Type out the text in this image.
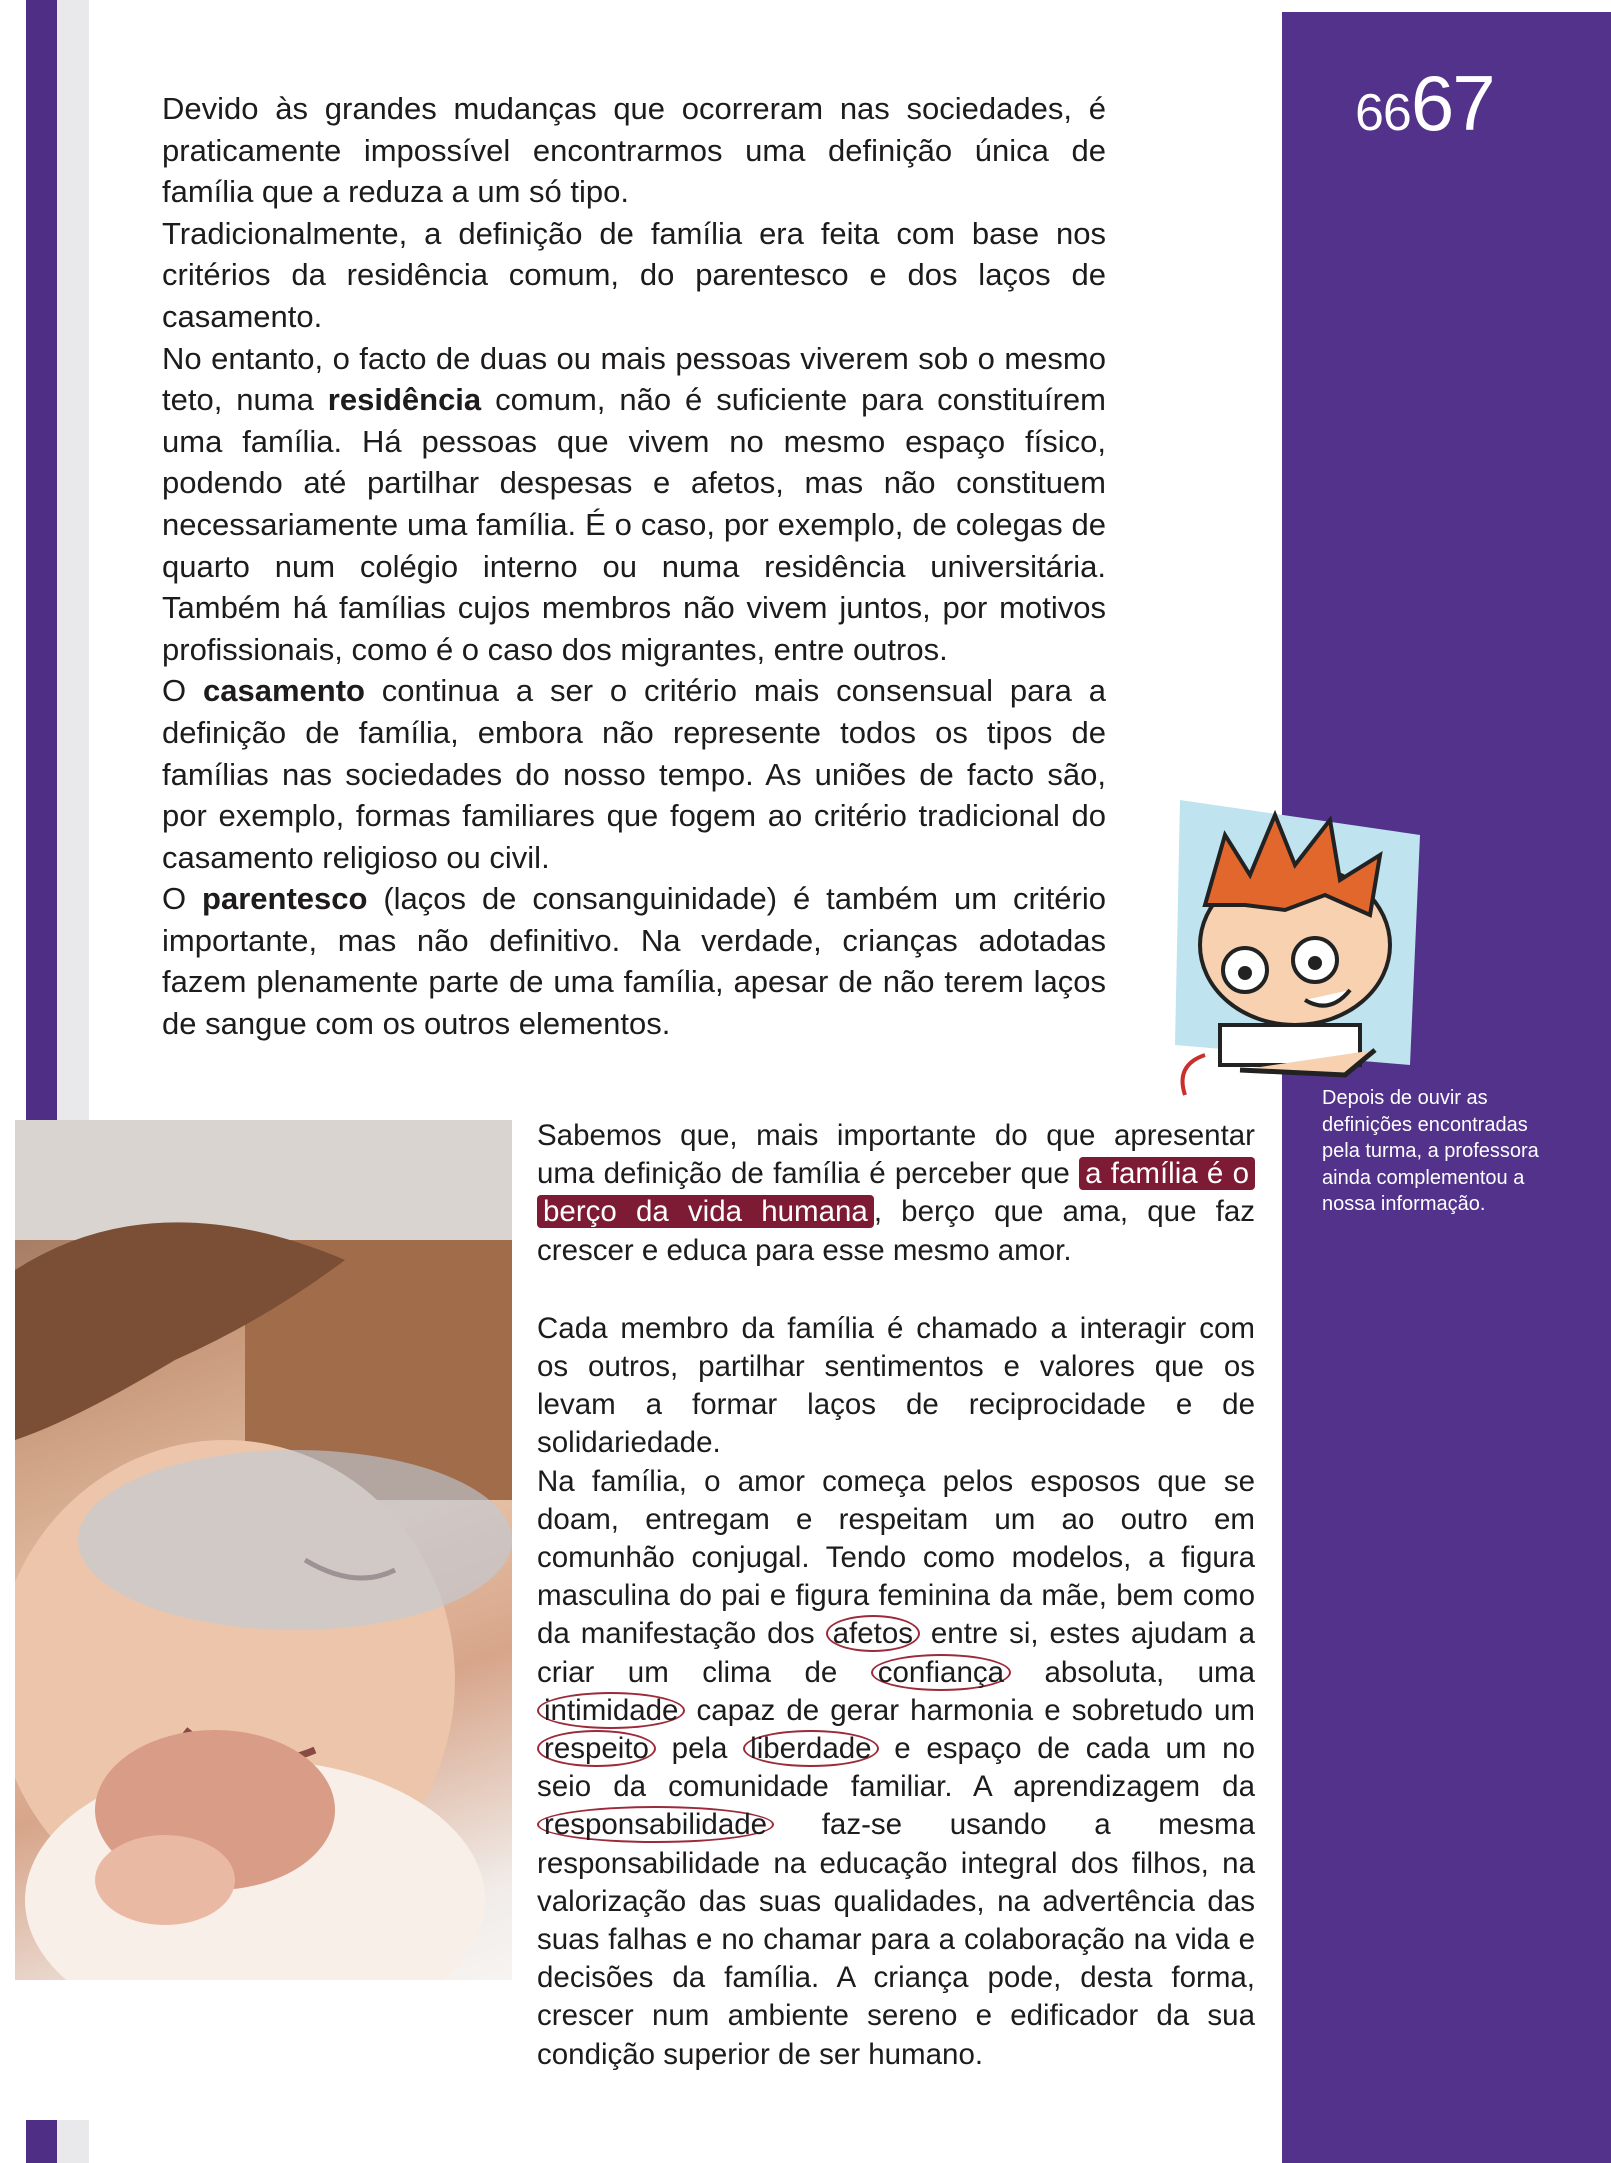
6667

Devido às grandes mudanças que ocorreram nas sociedades, é praticamente impossível encontrarmos uma definição única de família que a reduza a um só tipo.

Tradicionalmente, a definição de família era feita com base nos critérios da residência comum, do parentesco e dos laços de casamento.

No entanto, o facto de duas ou mais pessoas viverem sob o mesmo teto, numa residência comum, não é suficiente para constituírem uma família. Há pessoas que vivem no mesmo espaço físico, podendo até partilhar despesas e afetos, mas não constituem necessariamente uma família. É o caso, por exemplo, de colegas de quarto num colégio interno ou numa residência universitária. Também há famílias cujos membros não vivem juntos, por motivos profissionais, como é o caso dos migrantes, entre outros.

O casamento continua a ser o critério mais consensual para a definição de família, embora não represente todos os tipos de famílias nas sociedades do nosso tempo. As uniões de facto são, por exemplo, formas familiares que fogem ao critério tradicional do casamento religioso ou civil.

O parentesco (laços de consanguinidade) é também um critério importante, mas não definitivo. Na verdade, crianças adotadas fazem plenamente parte de uma família, apesar de não terem laços de sangue com os outros elementos.

Sabemos que, mais importante do que apresentar uma definição de família é perceber que a família é o berço da vida humana , berço que ama, que faz crescer e educa para esse mesmo amor.

Cada membro da família é chamado a interagir com os outros, partilhar sentimentos e valores que os levam a formar laços de reciprocidade e de solidariedade.

Na família, o amor começa pelos esposos que se doam, entregam e respeitam um ao outro em comunhão conjugal. Tendo como modelos, a figura masculina do pai e figura feminina da mãe, bem como da manifestação dos afetos entre si, estes ajudam a criar um clima de confiança absoluta, uma intimidade capaz de gerar harmonia e sobretudo um respeito pela liberdade e espaço de cada um no seio da comunidade familiar. A aprendizagem da responsabilidade faz-se usando a mesma responsabilidade na educação integral dos filhos, na valorização das suas qualidades, na advertência das suas falhas e no chamar para a colaboração na vida e decisões da família. A criança pode, desta forma, crescer num ambiente sereno e edificador da sua condição superior de ser humano.

Depois de ouvir as definições encontradas pela turma, a professora ainda complementou a nossa informação.
